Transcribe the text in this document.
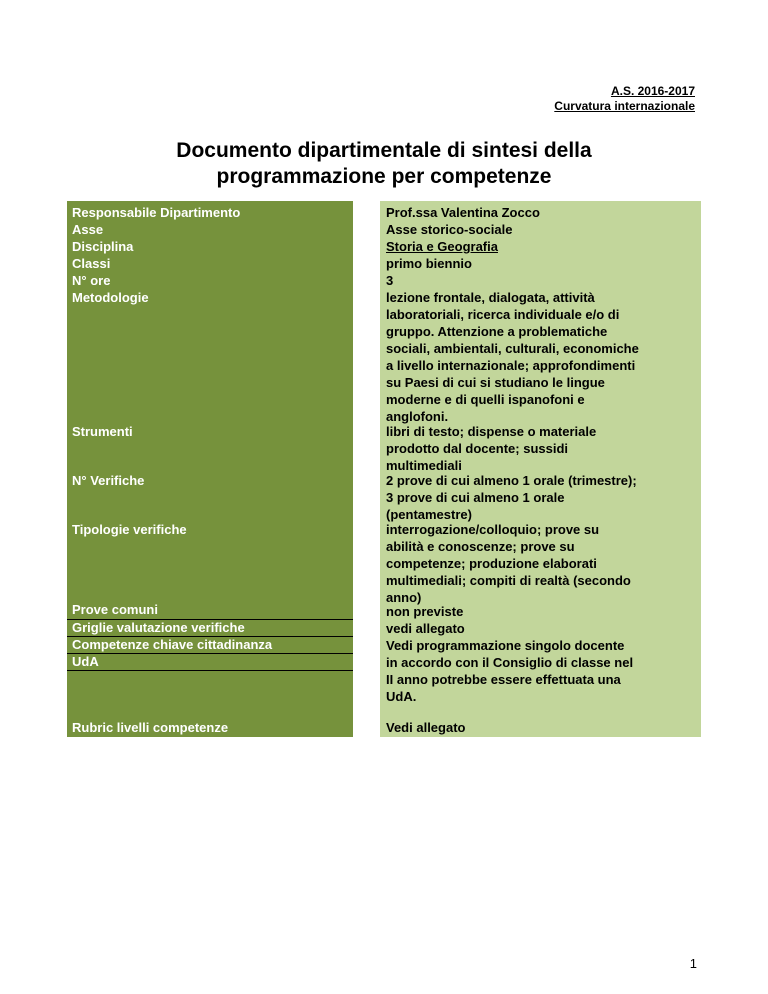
A.S. 2016-2017
Curvatura internazionale
Documento dipartimentale di sintesi della
programmazione per competenze
Responsabile Dipartimento
Asse
Disciplina
Classi
N° ore
Metodologie
Strumenti
N° Verifiche
Tipologie verifiche
Prove comuni
Griglie valutazione verifiche
Competenze chiave cittadinanza
UdA
Rubric livelli competenze
Prof.ssa Valentina Zocco
Asse storico-sociale
Storia e Geografia
primo biennio
3
lezione frontale, dialogata, attività
laboratoriali, ricerca individuale e/o di
gruppo. Attenzione a problematiche
sociali, ambientali, culturali, economiche
a livello internazionale; approfondimenti
su Paesi di cui si studiano le lingue
moderne e di quelli ispanofoni e
anglofoni.
libri di testo; dispense o materiale
prodotto dal docente; sussidi
multimediali
2 prove di cui almeno 1 orale (trimestre);
3 prove di cui almeno 1 orale
(pentamestre)
interrogazione/colloquio; prove su
abilità e conoscenze; prove su
competenze; produzione elaborati
multimediali; compiti di realtà (secondo
anno)
non previste
vedi allegato
Vedi programmazione singolo docente
in accordo con il Consiglio di classe nel
II anno potrebbe essere effettuata una
UdA.
Vedi allegato
1
